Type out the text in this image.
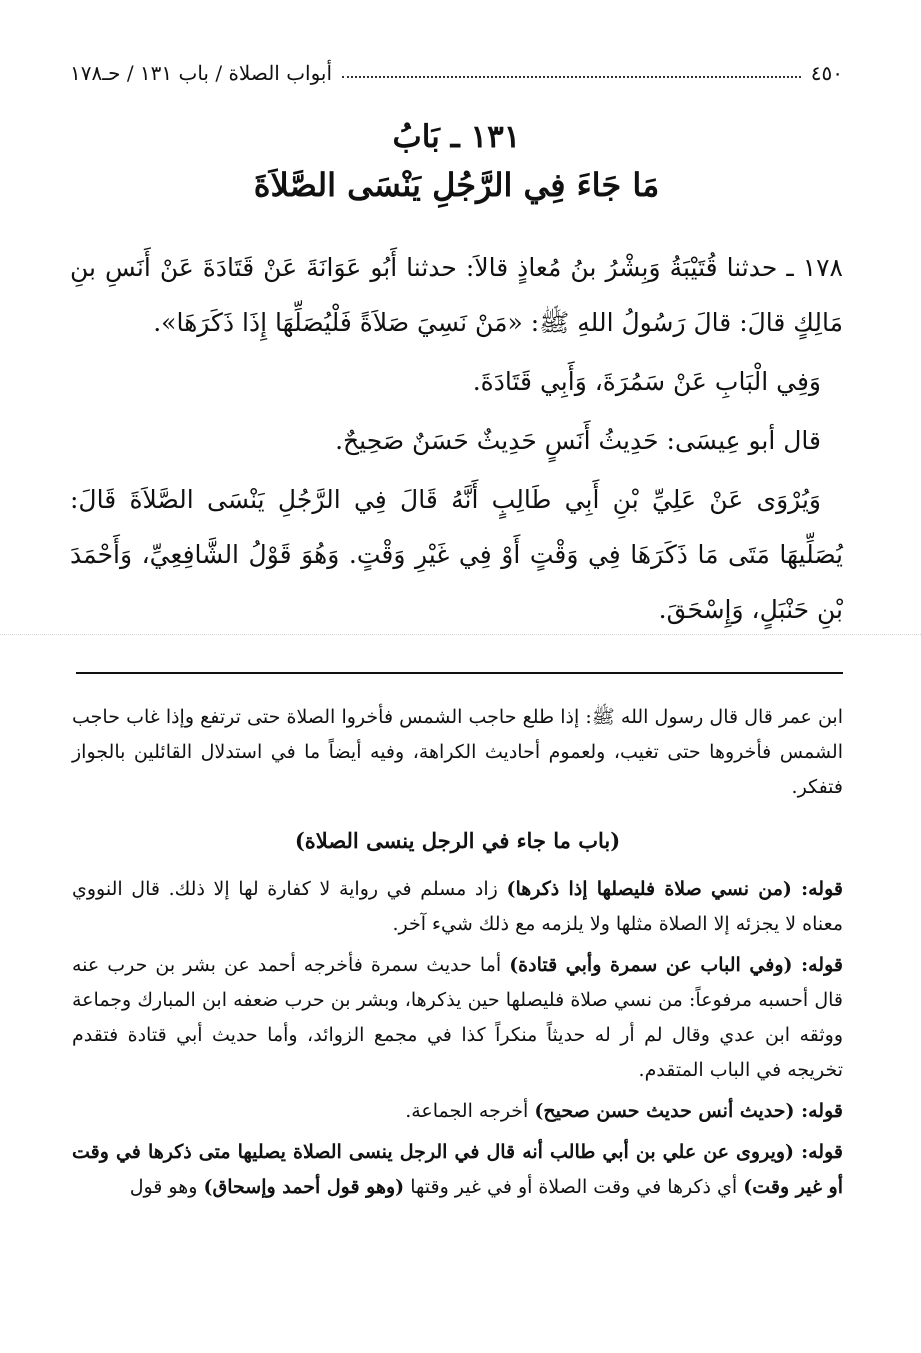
٤٥٠
أبواب الصلاة / باب ١٣١ / حـ١٧٨
١٣١ ـ بَابُ
مَا جَاءَ فِي الرَّجُلِ يَنْسَى الصَّلاَةَ

١٧٨ ـ حدثنا قُتَيْبَةُ وَبِشْرُ بنُ مُعاذٍ قالاَ: حدثنا أَبُو عَوَانَةَ عَنْ قَتَادَةَ عَنْ أَنَسِ بنِ مَالِكٍ قالَ: قالَ رَسُولُ اللهِ ﷺ: «مَنْ نَسِيَ صَلاَةً فَلْيُصَلِّهَا إِذَا ذَكَرَهَا».

وَفِي الْبَابِ عَنْ سَمُرَةَ، وَأَبِي قَتَادَةَ.

قال أبو عِيسَى: حَدِيثُ أَنَسٍ حَدِيثٌ حَسَنٌ صَحِيحٌ.

وَيُرْوَى عَنْ عَلِيِّ بْنِ أَبِي طَالِبٍ أَنَّهُ قَالَ فِي الرَّجُلِ يَنْسَى الصَّلاَةَ قَالَ: يُصَلِّيهَا مَتَى مَا ذَكَرَهَا فِي وَقْتٍ أَوْ فِي غَيْرِ وَقْتٍ. وَهُوَ قَوْلُ الشَّافِعِيِّ، وَأَحْمَدَ بْنِ حَنْبَلٍ، وَإِسْحَقَ.

ابن عمر قال قال رسول الله ﷺ: إذا طلع حاجب الشمس فأخروا الصلاة حتى ترتفع وإذا غاب حاجب الشمس فأخروها حتى تغيب، ولعموم أحاديث الكراهة، وفيه أيضاً ما في استدلال القائلين بالجواز فتفكر.

(باب ما جاء في الرجل ينسى الصلاة)

قوله: (من نسي صلاة فليصلها إذا ذكرها) زاد مسلم في رواية لا كفارة لها إلا ذلك. قال النووي معناه لا يجزئه إلا الصلاة مثلها ولا يلزمه مع ذلك شيء آخر.

قوله: (وفي الباب عن سمرة وأبي قتادة) أما حديث سمرة فأخرجه أحمد عن بشر بن حرب عنه قال أحسبه مرفوعاً: من نسي صلاة فليصلها حين يذكرها، وبشر بن حرب ضعفه ابن المبارك وجماعة ووثقه ابن عدي وقال لم أر له حديثاً منكراً كذا في مجمع الزوائد، وأما حديث أبي قتادة فتقدم تخريجه في الباب المتقدم.

قوله: (حديث أنس حديث حسن صحيح) أخرجه الجماعة.

قوله: (ويروى عن علي بن أبي طالب أنه قال في الرجل ينسى الصلاة يصليها متى ذكرها في وقت أو غير وقت) أي ذكرها في وقت الصلاة أو في غير وقتها (وهو قول أحمد وإسحاق) وهو قول
